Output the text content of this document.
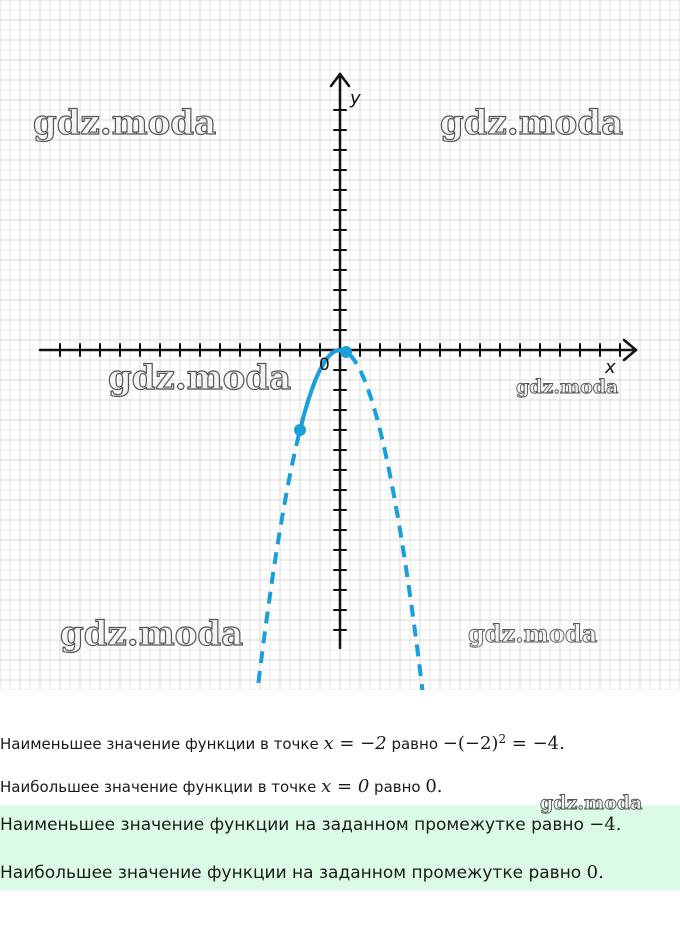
y
x
0
gdz.moda	gdz.moda
gdz.moda	gdz.moda
gdz.moda	gdz.moda
Наименьшее значение функции в точке x = −2 равно $-(-2)^2 = -4$.
Наибольшее значение функции в точке x = 0 равно 0.
gdz.moda
Наименьшее значение функции на заданном промежутке равно −4.
Наибольшее значение функции на заданном промежутке равно 0.
